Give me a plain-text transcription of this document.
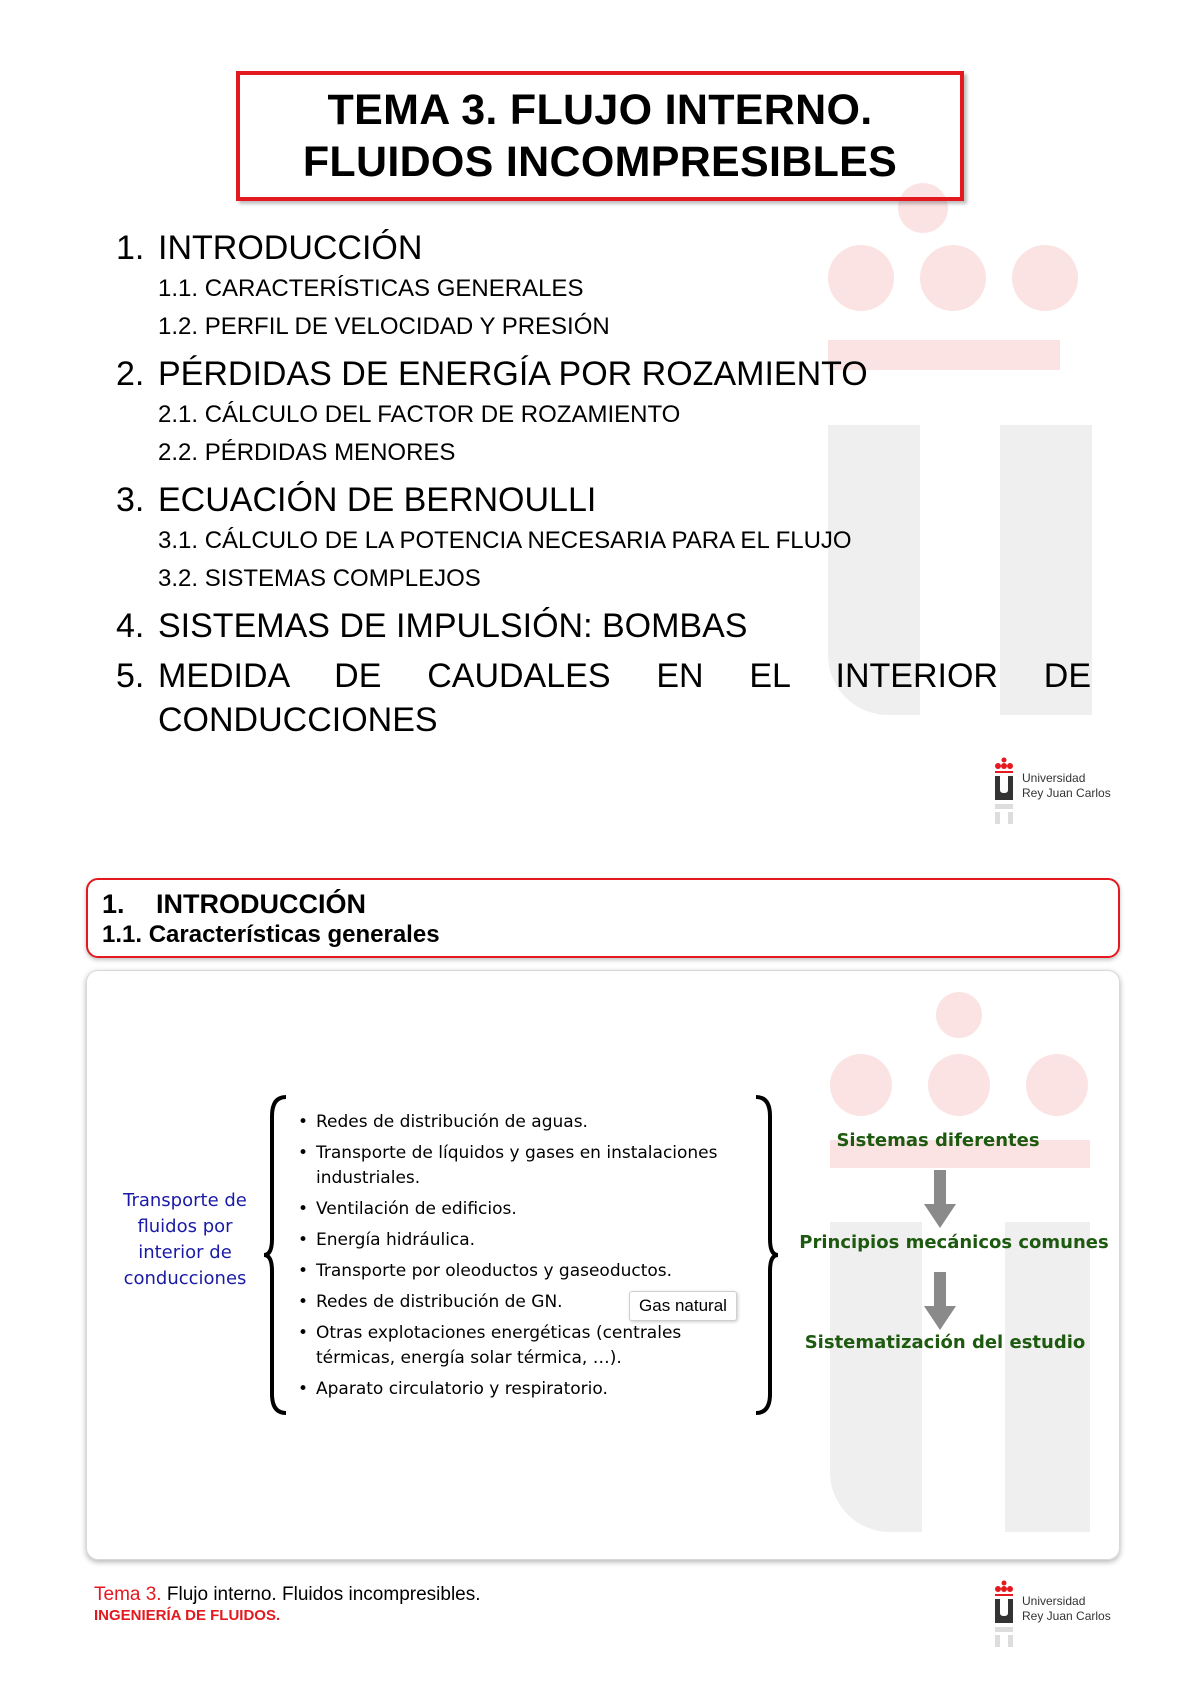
TEMA 3. FLUJO INTERNO.
FLUIDOS INCOMPRESIBLES
1. INTRODUCCIÓN
1.1. CARACTERÍSTICAS GENERALES
1.2. PERFIL DE VELOCIDAD Y PRESIÓN
2. PÉRDIDAS DE ENERGÍA POR ROZAMIENTO
2.1. CÁLCULO DEL FACTOR DE ROZAMIENTO
2.2. PÉRDIDAS MENORES
3. ECUACIÓN DE BERNOULLI
3.1. CÁLCULO DE LA POTENCIA NECESARIA PARA EL FLUJO
3.2. SISTEMAS COMPLEJOS
4. SISTEMAS DE IMPULSIÓN: BOMBAS
5. MEDIDA DE CAUDALES EN EL INTERIOR DE CONDUCCIONES
Universidad
Rey Juan Carlos
1.	INTRODUCCIÓN
1.1. Características generales
Transporte de fluidos por interior de conducciones
• Redes de distribución de aguas.
• Transporte de líquidos y gases en instalaciones industriales.
• Ventilación de edificios.
• Energía hidráulica.
• Transporte por oleoductos y gaseoductos.
• Redes de distribución de GN.
• Otras explotaciones energéticas (centrales térmicas, energía solar térmica, …).
• Aparato circulatorio y respiratorio.
Gas natural
Sistemas diferentes
Principios mecánicos comunes
Sistematización del estudio
Tema 3. Flujo interno. Fluidos incompresibles.
INGENIERÍA DE FLUIDOS.
Universidad
Rey Juan Carlos
